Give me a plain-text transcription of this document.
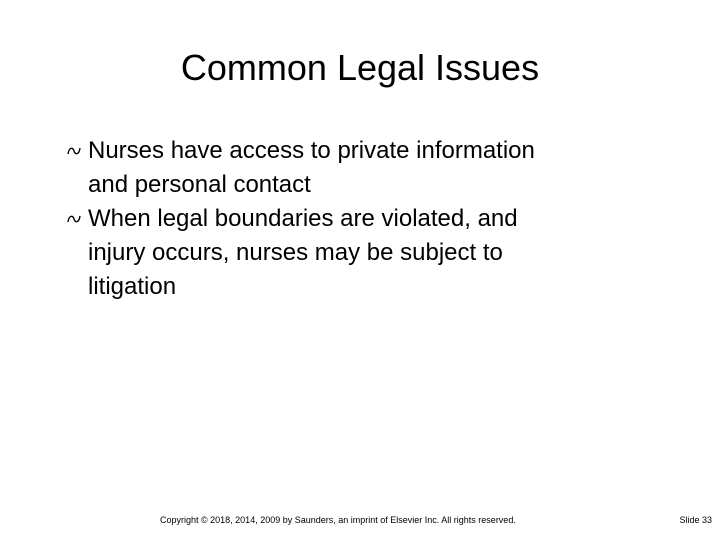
Common Legal Issues
Nurses have access to private information
and personal contact
When legal boundaries are violated, and
injury occurs, nurses may be subject to
litigation
Copyright © 2018, 2014, 2009 by Saunders, an imprint of Elsevier Inc. All rights reserved.	Slide 33
